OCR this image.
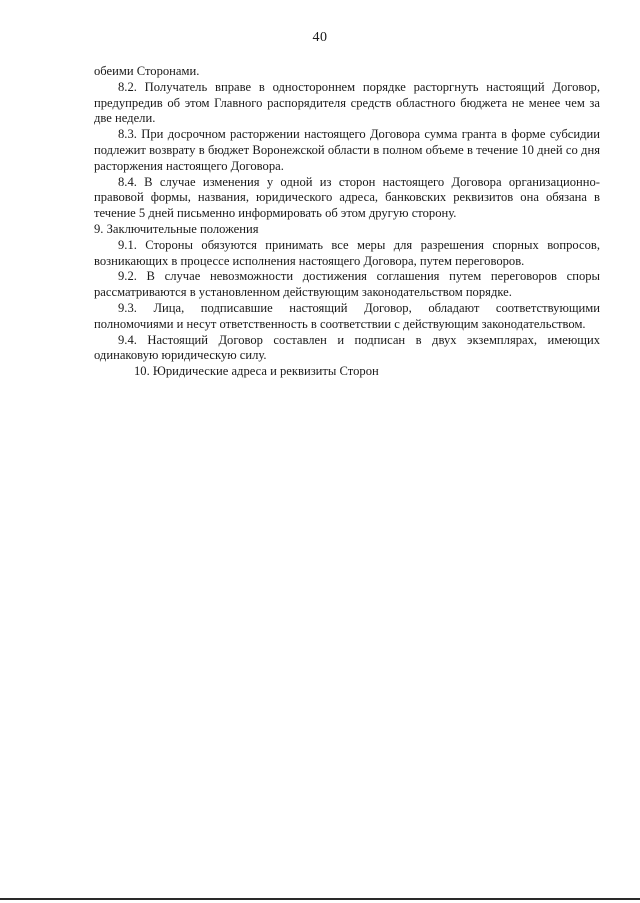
40

обеими Сторонами.

8.2. Получатель вправе в одностороннем порядке расторгнуть настоящий Договор, предупредив об этом Главного распорядителя средств областного бюджета не менее чем за две недели.

8.3. При досрочном расторжении настоящего Договора сумма гранта в форме субсидии подлежит возврату в бюджет Воронежской области в полном объеме в течение 10 дней со дня расторжения настоящего Договора.

8.4. В случае изменения у одной из сторон настоящего Договора организационно-правовой формы, названия, юридического адреса, банковских реквизитов она обязана в течение 5 дней письменно информировать об этом другую сторону.

9. Заключительные положения

9.1. Стороны обязуются принимать все меры для разрешения спорных вопросов, возникающих в процессе исполнения настоящего Договора, путем переговоров.

9.2. В случае невозможности достижения соглашения путем переговоров споры рассматриваются в установленном действующим законодательством порядке.

9.3. Лица, подписавшие настоящий Договор, обладают соответствующими полномочиями и несут ответственность в соответствии с действующим законодательством.

9.4. Настоящий Договор составлен и подписан в двух экземплярах, имеющих одинаковую юридическую силу.

10. Юридические адреса и реквизиты Сторон
